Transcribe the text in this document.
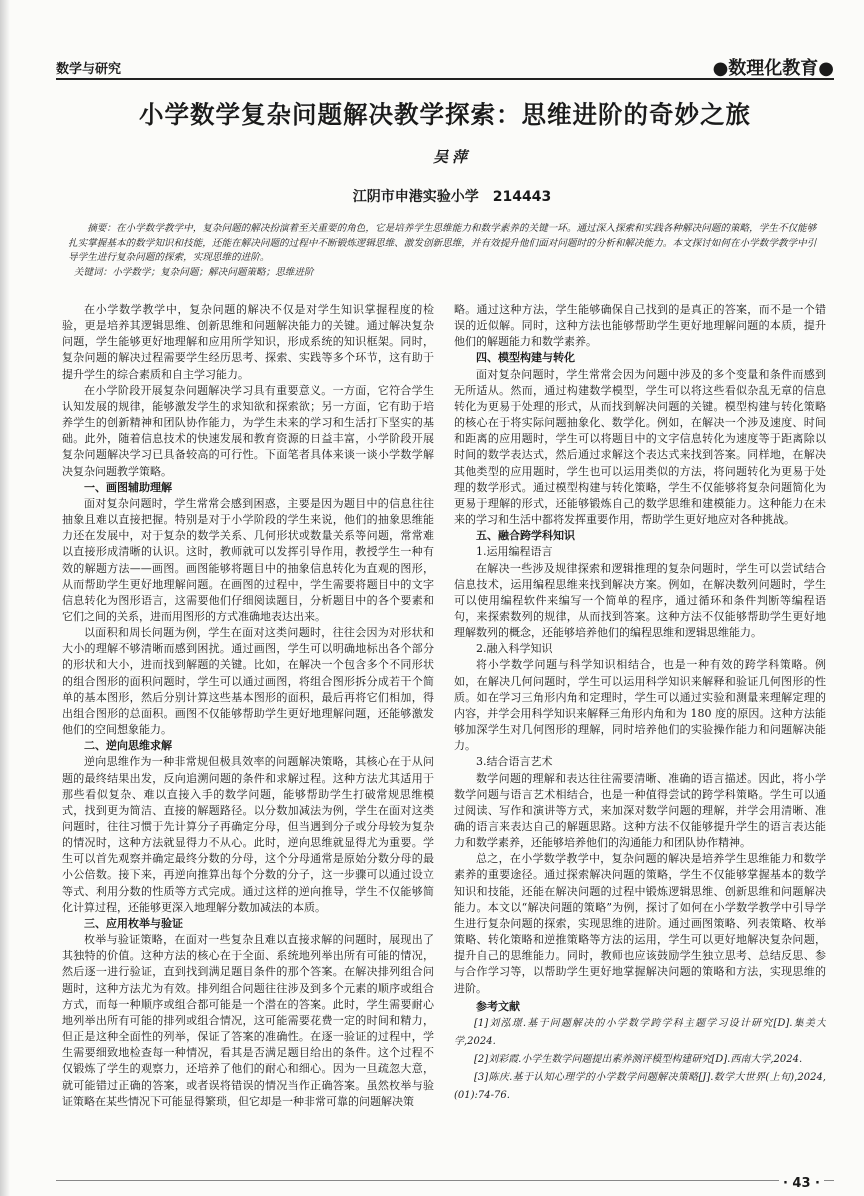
数学与研究	●数理化教育●
小学数学复杂问题解决教学探索：思维进阶的奇妙之旅
吴萍
江阴市申港实验小学　214443

摘要：在小学数学教学中，复杂问题的解决扮演着至关重要的角色，它是培养学生思维能力和数学素养的关键一环。通过深入探索和实践各种解决问题的策略，学生不仅能够扎实掌握基本的数学知识和技能，还能在解决问题的过程中不断锻炼逻辑思维、激发创新思维，并有效提升他们面对问题时的分析和解决能力。本文探讨如何在小学数学教学中引导学生进行复杂问题的探索，实现思维的进阶。

关键词：小学数学；复杂问题；解决问题策略；思维进阶

在小学数学教学中，复杂问题的解决不仅是对学生知识掌握程度的检验，更是培养其逻辑思维、创新思维和问题解决能力的关键。通过解决复杂问题，学生能够更好地理解和应用所学知识，形成系统的知识框架。同时，复杂问题的解决过程需要学生经历思考、探索、实践等多个环节，这有助于提升学生的综合素质和自主学习能力。

在小学阶段开展复杂问题解决学习具有重要意义。一方面，它符合学生认知发展的规律，能够激发学生的求知欲和探索欲；另一方面，它有助于培养学生的创新精神和团队协作能力，为学生未来的学习和生活打下坚实的基础。此外，随着信息技术的快速发展和教育资源的日益丰富，小学阶段开展复杂问题解决学习已具备较高的可行性。下面笔者具体来谈一谈小学数学解决复杂问题教学策略。

一、画图辅助理解

面对复杂问题时，学生常常会感到困惑，主要是因为题目中的信息往往抽象且难以直接把握。特别是对于小学阶段的学生来说，他们的抽象思维能力还在发展中，对于复杂的数学关系、几何形状或数量关系等问题，常常难以直接形成清晰的认识。这时，教师就可以发挥引导作用，教授学生一种有效的解题方法——画图。画图能够将题目中的抽象信息转化为直观的图形，从而帮助学生更好地理解问题。在画图的过程中，学生需要将题目中的文字信息转化为图形语言，这需要他们仔细阅读题目，分析题目中的各个要素和它们之间的关系，进而用图形的方式准确地表达出来。

以面积和周长问题为例，学生在面对这类问题时，往往会因为对形状和大小的理解不够清晰而感到困扰。通过画图，学生可以明确地标出各个部分的形状和大小，进而找到解题的关键。比如，在解决一个包含多个不同形状的组合图形的面积问题时，学生可以通过画图，将组合图形拆分成若干个简单的基本图形，然后分别计算这些基本图形的面积，最后再将它们相加，得出组合图形的总面积。画图不仅能够帮助学生更好地理解问题，还能够激发他们的空间想象能力。

二、逆向思维求解

逆向思维作为一种非常规但极具效率的问题解决策略，其核心在于从问题的最终结果出发，反向追溯问题的条件和求解过程。这种方法尤其适用于那些看似复杂、难以直接入手的数学问题，能够帮助学生打破常规思维模式，找到更为简洁、直接的解题路径。以分数加减法为例，学生在面对这类问题时，往往习惯于先计算分子再确定分母，但当遇到分子或分母较为复杂的情况时，这种方法就显得力不从心。此时，逆向思维就显得尤为重要。学生可以首先观察并确定最终分数的分母，这个分母通常是原始分数分母的最小公倍数。接下来，再逆向推算出每个分数的分子，这一步骤可以通过设立等式、利用分数的性质等方式完成。通过这样的逆向推导，学生不仅能够简化计算过程，还能够更深入地理解分数加减法的本质。

三、应用枚举与验证

枚举与验证策略，在面对一些复杂且难以直接求解的问题时，展现出了其独特的价值。这种方法的核心在于全面、系统地列举出所有可能的情况，然后逐一进行验证，直到找到满足题目条件的那个答案。在解决排列组合问题时，这种方法尤为有效。排列组合问题往往涉及到多个元素的顺序或组合方式，而每一种顺序或组合都可能是一个潜在的答案。此时，学生需要耐心地列举出所有可能的排列或组合情况，这可能需要花费一定的时间和精力，但正是这种全面性的列举，保证了答案的准确性。在逐一验证的过程中，学生需要细致地检查每一种情况，看其是否满足题目给出的条件。这个过程不仅锻炼了学生的观察力，还培养了他们的耐心和细心。因为一旦疏忽大意，就可能错过正确的答案，或者误将错误的情况当作正确答案。虽然枚举与验证策略在某些情况下可能显得繁琐，但它却是一种非常可靠的问题解决策

略。通过这种方法，学生能够确保自己找到的是真正的答案，而不是一个错误的近似解。同时，这种方法也能够帮助学生更好地理解问题的本质，提升他们的解题能力和数学素养。

四、模型构建与转化

面对复杂问题时，学生常常会因为问题中涉及的多个变量和条件而感到无所适从。然而，通过构建数学模型，学生可以将这些看似杂乱无章的信息转化为更易于处理的形式，从而找到解决问题的关键。模型构建与转化策略的核心在于将实际问题抽象化、数学化。例如，在解决一个涉及速度、时间和距离的应用题时，学生可以将题目中的文字信息转化为速度等于距离除以时间的数学表达式，然后通过求解这个表达式来找到答案。同样地，在解决其他类型的应用题时，学生也可以运用类似的方法，将问题转化为更易于处理的数学形式。通过模型构建与转化策略，学生不仅能够将复杂问题简化为更易于理解的形式，还能够锻炼自己的数学思维和建模能力。这种能力在未来的学习和生活中都将发挥重要作用，帮助学生更好地应对各种挑战。

五、融合跨学科知识

1.运用编程语言

在解决一些涉及规律探索和逻辑推理的复杂问题时，学生可以尝试结合信息技术，运用编程思维来找到解决方案。例如，在解决数列问题时，学生可以使用编程软件来编写一个简单的程序，通过循环和条件判断等编程语句，来探索数列的规律，从而找到答案。这种方法不仅能够帮助学生更好地理解数列的概念，还能够培养他们的编程思维和逻辑思维能力。

2.融入科学知识

将小学数学问题与科学知识相结合，也是一种有效的跨学科策略。例如，在解决几何问题时，学生可以运用科学知识来解释和验证几何图形的性质。如在学习三角形内角和定理时，学生可以通过实验和测量来理解定理的内容，并学会用科学知识来解释三角形内角和为 180 度的原因。这种方法能够加深学生对几何图形的理解，同时培养他们的实验操作能力和问题解决能力。

3.结合语言艺术

数学问题的理解和表达往往需要清晰、准确的语言描述。因此，将小学数学问题与语言艺术相结合，也是一种值得尝试的跨学科策略。学生可以通过阅读、写作和演讲等方式，来加深对数学问题的理解，并学会用清晰、准确的语言来表达自己的解题思路。这种方法不仅能够提升学生的语言表达能力和数学素养，还能够培养他们的沟通能力和团队协作精神。

总之，在小学数学教学中，复杂问题的解决是培养学生思维能力和数学素养的重要途径。通过探索解决问题的策略，学生不仅能够掌握基本的数学知识和技能，还能在解决问题的过程中锻炼逻辑思维、创新思维和问题解决能力。本文以“解决问题的策略”为例，探讨了如何在小学数学教学中引导学生进行复杂问题的探索，实现思维的进阶。通过画图策略、列表策略、枚举策略、转化策略和逆推策略等方法的运用，学生可以更好地解决复杂问题，提升自己的思维能力。同时，教师也应该鼓励学生独立思考、总结反思、参与合作学习等，以帮助学生更好地掌握解决问题的策略和方法，实现思维的进阶。

参考文献

[1]刘泓璟.基于问题解决的小学数学跨学科主题学习设计研究[D].集美大学,2024.

[2]刘彩霞.小学生数学问题提出素养测评模型构建研究[D].西南大学,2024.

[3]陈庆.基于认知心理学的小学数学问题解决策略[J].数学大世界(上旬),2024,(01):74-76.

· 43 ·
